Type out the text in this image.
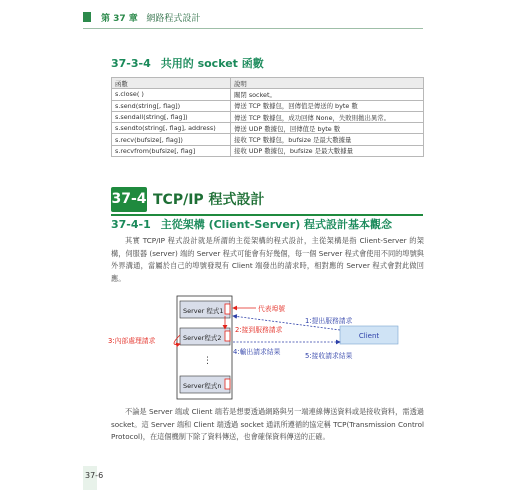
第 37 章 網路程式設計
37-3-4 共用的 socket 函數
函數	說明
s.close( )	關閉 socket。
s.send(string[, flag])	傳送 TCP 數據包，回傳值是傳送的 byte 數
s.sendall(string[, flag])	傳送 TCP 數據包，成功回傳 None，失敗則拋出異常。
s.sendto(string[, flag], address)	傳送 UDP 數據包，回傳值是 byte 數
s.recv(bufsize[, flag])	接收 TCP 數據包，bufsize 是最大數據量
s.recvfrom(bufsize[, flag]	接收 UDP 數據包，bufsize 是最大數據量
37-4 TCP/IP 程式設計
37-4-1 主從架構 (Client-Server) 程式設計基本觀念
其實 TCP/IP 程式設計就是所謂的主從架構的程式設計，主從架構是指 Client-Server 的架構，伺服器 (server) 端的 Server 程式可能會有好幾個，每一個 Server 程式會使用不同的埠號與外界溝通，當屬於自己的埠號發現有 Client 端發出的請求時，相對應的 Server 程式會對此做回應。
Server 程式1
Server程式2
⋮
Server程式n
Client
代表埠號
1:提出服務請求
2:接到服務請求
3:內部處理請求
4:輸出請求結果	5:接收請求結果
不論是 Server 端或 Client 端若是想要透過網路與另一端連線傳送資料或是接收資料，需透過 socket。這 Server 端和 Client 端透過 socket 通訊所遵循的協定稱 TCP(Transmission Control Protocol)，在這個機制下除了資料傳送，也會確保資料傳送的正確。
37-6
